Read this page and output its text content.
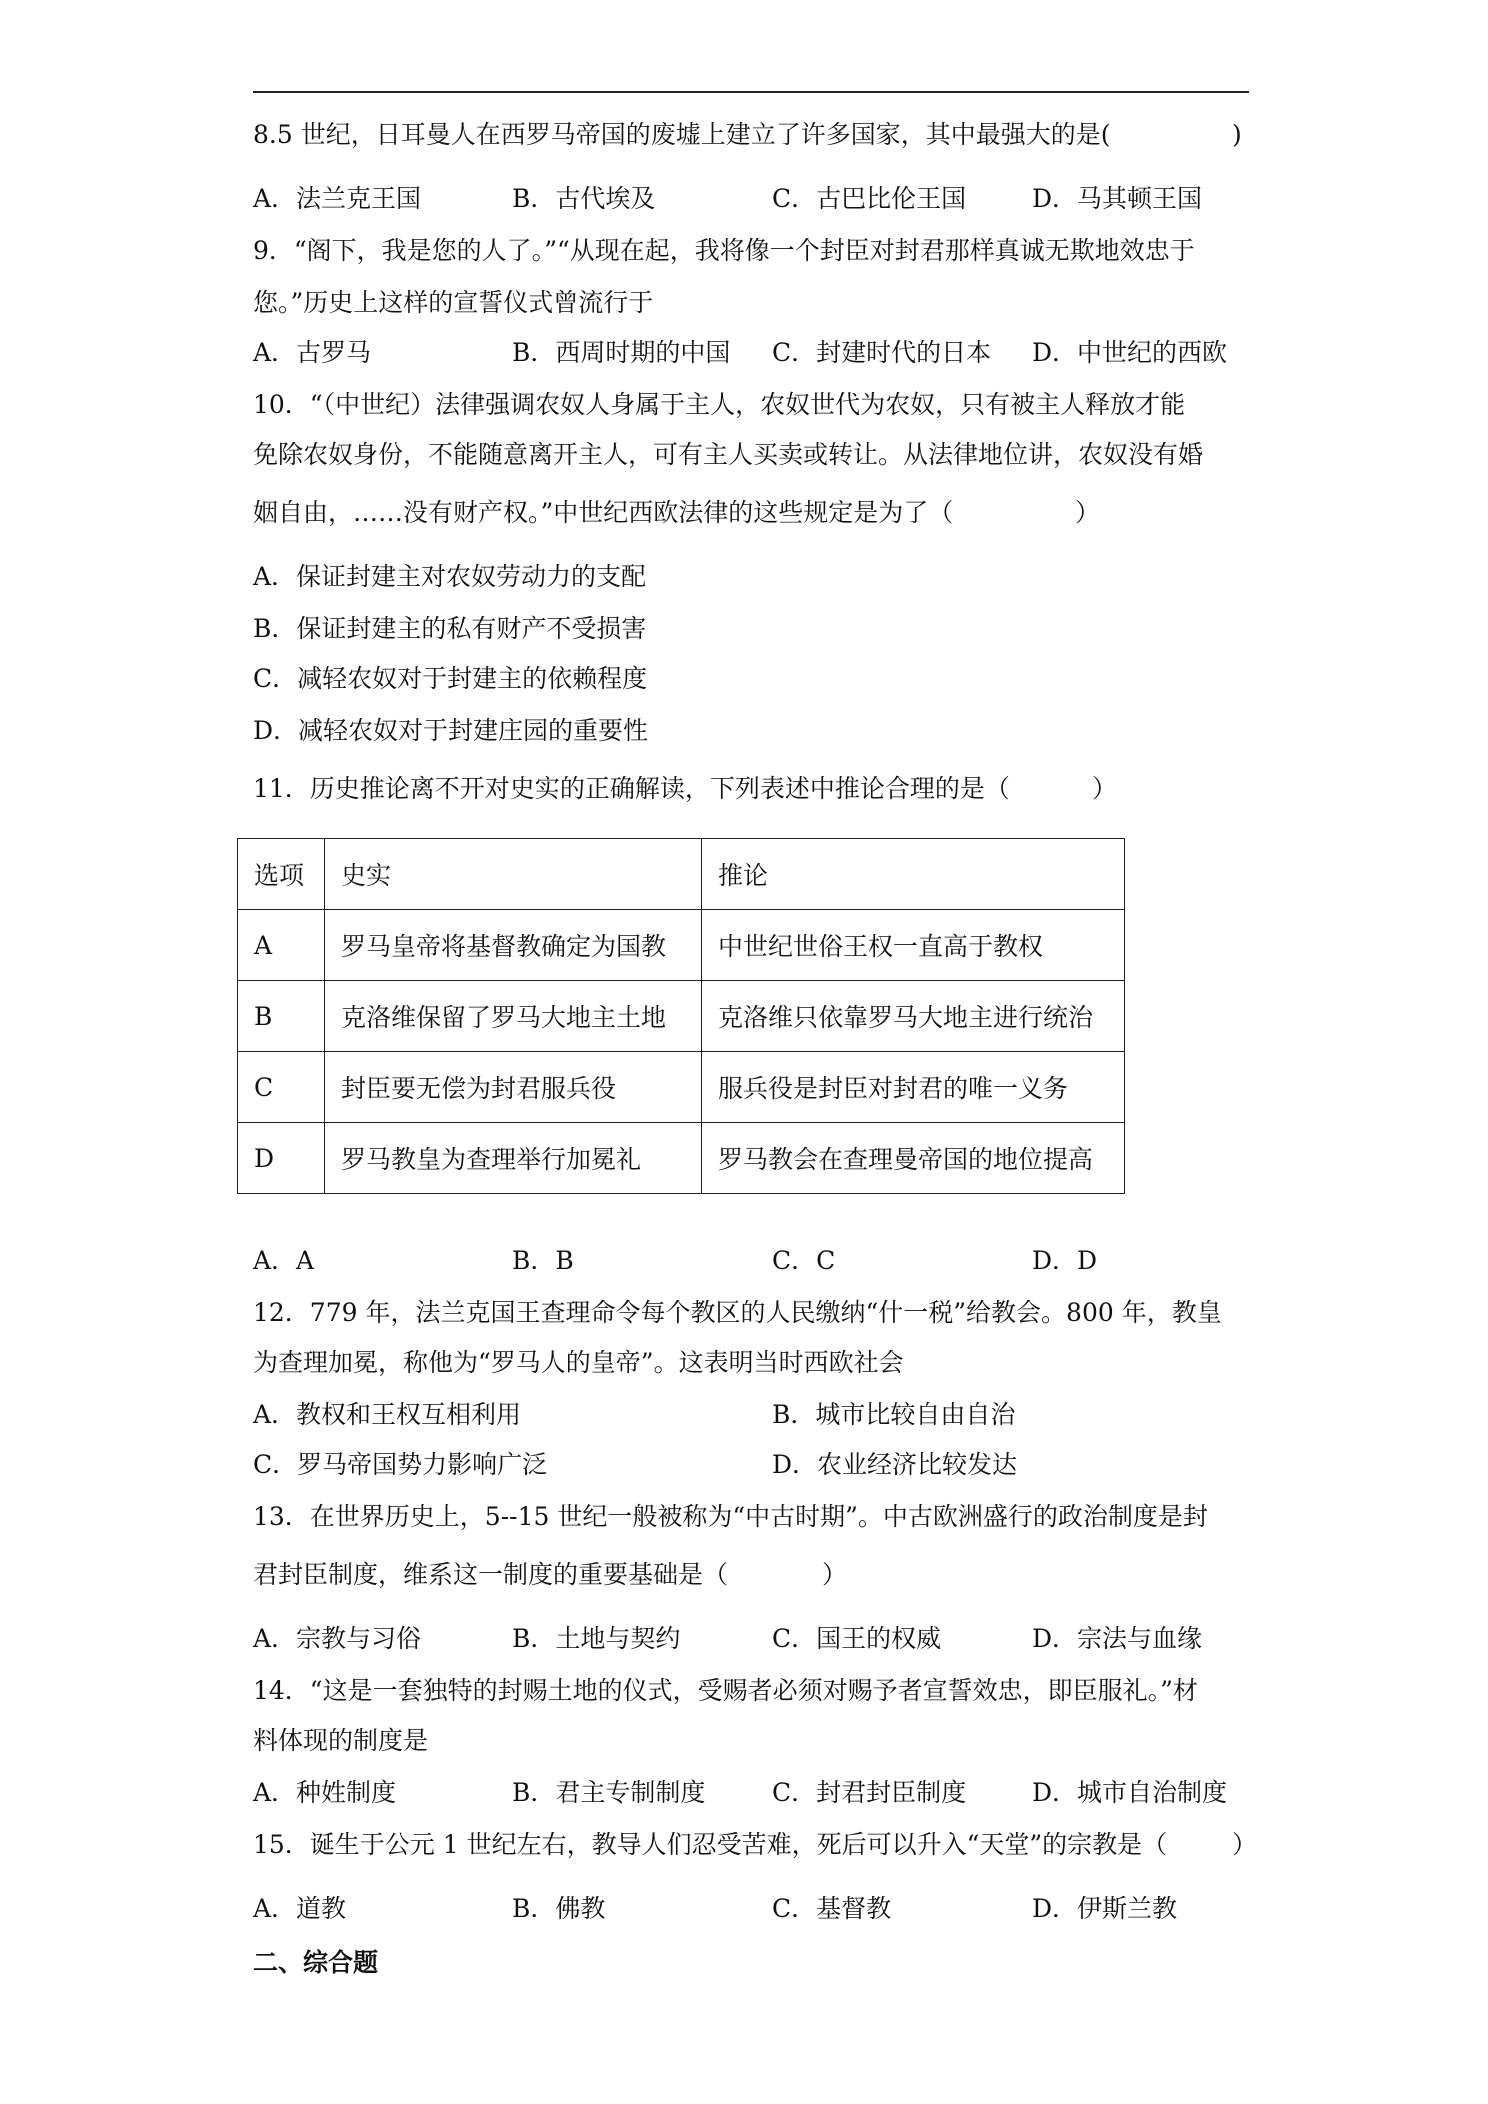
8.5 世纪，日耳曼人在西罗马帝国的废墟上建立了许多国家，其中最强大的是(	)
A．法兰克王国	B．古代埃及	C．古巴比伦王国	D．马其顿王国
9．“阁下，我是您的人了。”“从现在起，我将像一个封臣对封君那样真诚无欺地效忠于
您。”历史上这样的宣誓仪式曾流行于
A．古罗马	B．西周时期的中国 C．封建时代的日本 D．中世纪的西欧
10．“（中世纪）法律强调农奴人身属于主人，农奴世代为农奴，只有被主人释放才能
免除农奴身份，不能随意离开主人，可有主人买卖或转让。从法律地位讲，农奴没有婚
姻自由，……没有财产权。”中世纪西欧法律的这些规定是为了（	）
A．保证封建主对农奴劳动力的支配
B．保证封建主的私有财产不受损害
C．减轻农奴对于封建主的依赖程度
D．减轻农奴对于封建庄园的重要性
11．历史推论离不开对史实的正确解读，下列表述中推论合理的是（	）
选项	史实	推论
A	罗马皇帝将基督教确定为国教	中世纪世俗王权一直高于教权
B	克洛维保留了罗马大地主土地	克洛维只依靠罗马大地主进行统治
C	封臣要无偿为封君服兵役	服兵役是封臣对封君的唯一义务
D	罗马教皇为查理举行加冕礼	罗马教会在查理曼帝国的地位提高
A．A	B．B	C．C	D．D
12．779 年，法兰克国王查理命令每个教区的人民缴纳“什一税”给教会。800 年，教皇
为查理加冕，称他为“罗马人的皇帝”。这表明当时西欧社会
A．教权和王权互相利用	B．城市比较自由自治
C．罗马帝国势力影响广泛	D．农业经济比较发达
13．在世界历史上，5--15 世纪一般被称为“中古时期”。中古欧洲盛行的政治制度是封
君封臣制度，维系这一制度的重要基础是（	）
A．宗教与习俗	B．土地与契约	C．国王的权威	D．宗法与血缘
14．“这是一套独特的封赐土地的仪式，受赐者必须对赐予者宣誓效忠，即臣服礼。”材
料体现的制度是
A．种姓制度	B．君主专制制度	C．封君封臣制度	D．城市自治制度
15．诞生于公元 1 世纪左右，教导人们忍受苦难，死后可以升入“天堂”的宗教是（	）
A．道教	B．佛教	C．基督教	D．伊斯兰教
二、综合题
